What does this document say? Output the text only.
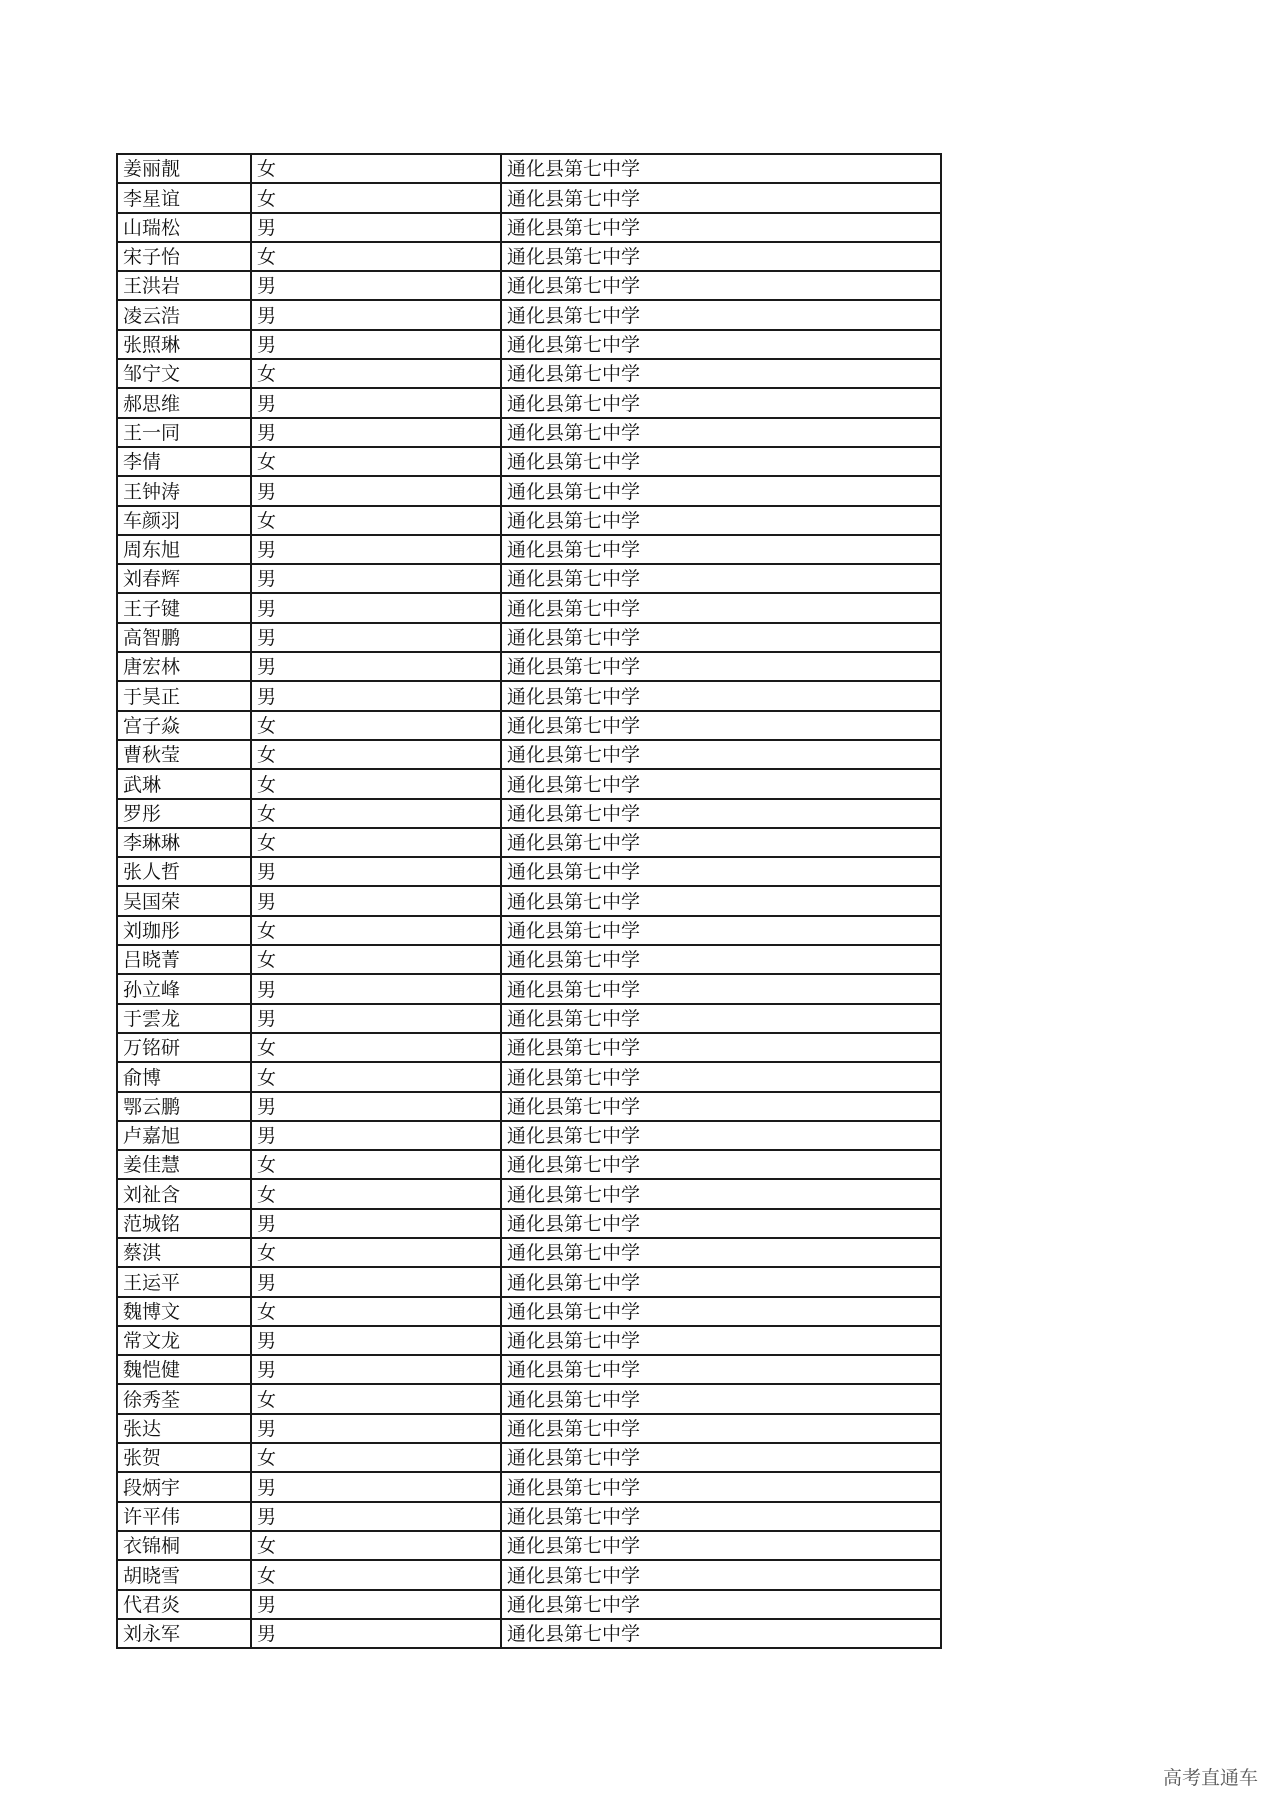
姜丽靓	女	通化县第七中学
李星谊	女	通化县第七中学
山瑞松	男	通化县第七中学
宋子怡	女	通化县第七中学
王洪岩	男	通化县第七中学
凌云浩	男	通化县第七中学
张照琳	男	通化县第七中学
邹宁文	女	通化县第七中学
郝思维	男	通化县第七中学
王一同	男	通化县第七中学
李倩	女	通化县第七中学
王钟涛	男	通化县第七中学
车颜羽	女	通化县第七中学
周东旭	男	通化县第七中学
刘春辉	男	通化县第七中学
王子键	男	通化县第七中学
高智鹏	男	通化县第七中学
唐宏林	男	通化县第七中学
于昊正	男	通化县第七中学
宫子焱	女	通化县第七中学
曹秋莹	女	通化县第七中学
武琳	女	通化县第七中学
罗彤	女	通化县第七中学
李琳琳	女	通化县第七中学
张人哲	男	通化县第七中学
吴国荣	男	通化县第七中学
刘珈彤	女	通化县第七中学
吕晓菁	女	通化县第七中学
孙立峰	男	通化县第七中学
于雲龙	男	通化县第七中学
万铭研	女	通化县第七中学
俞博	女	通化县第七中学
鄂云鹏	男	通化县第七中学
卢嘉旭	男	通化县第七中学
姜佳慧	女	通化县第七中学
刘祉含	女	通化县第七中学
范城铭	男	通化县第七中学
蔡淇	女	通化县第七中学
王运平	男	通化县第七中学
魏博文	女	通化县第七中学
常文龙	男	通化县第七中学
魏恺健	男	通化县第七中学
徐秀荃	女	通化县第七中学
张达	男	通化县第七中学
张贺	女	通化县第七中学
段炳宇	男	通化县第七中学
许平伟	男	通化县第七中学
衣锦桐	女	通化县第七中学
胡晓雪	女	通化县第七中学
代君炎	男	通化县第七中学
刘永军	男	通化县第七中学
高考直通车
